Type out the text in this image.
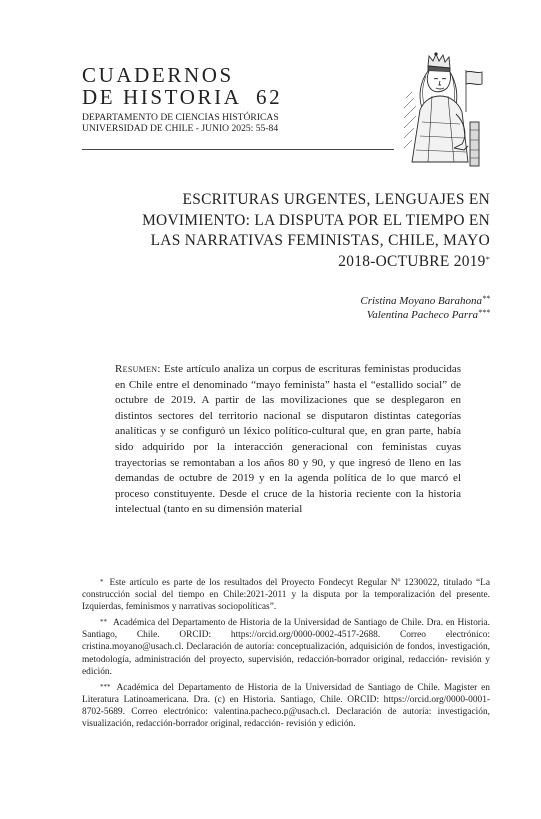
CUADERNOS
DE HISTORIA  62
DEPARTAMENTO DE CIENCIAS HISTÓRICAS
UNIVERSIDAD DE CHILE - JUNIO 2025: 55-84
ESCRITURAS URGENTES, LENGUAJES EN
MOVIMIENTO: LA DISPUTA POR EL TIEMPO EN
LAS NARRATIVAS FEMINISTAS, CHILE, MAYO
2018-OCTUBRE 2019*
Cristina Moyano Barahona**
Valentina Pacheco Parra***

Resumen: Este artículo analiza un corpus de escrituras feministas producidas en Chile entre el denominado “mayo feminista” hasta el “estallido social” de octubre de 2019. A partir de las movilizaciones que se desplegaron en distintos sectores del territorio nacional se disputaron distintas categorías analíticas y se configuró un léxico político-cultural que, en gran parte, había sido adquirido por la interacción generacional con feministas cuyas trayectorias se remontaban a los años 80 y 90, y que ingresó de lleno en las demandas de octubre de 2019 y en la agenda política de lo que marcó el proceso constituyente. Desde el cruce de la historia reciente con la historia intelectual (tanto en su dimensión material

* Este artículo es parte de los resultados del Proyecto Fondecyt Regular Nº 1230022, titulado “La construcción social del tiempo en Chile:2021-2011 y la disputa por la temporalización del presente. Izquierdas, feminismos y narrativas sociopolíticas”.

** Académica del Departamento de Historia de la Universidad de Santiago de Chile. Dra. en Historia. Santiago, Chile. ORCID: https://orcid.org/0000-0002-4517-2688. Correo electrónico: cristina.moyano@usach.cl. Declaración de autoría: conceptualización, adquisición de fondos, investigación, metodología, administración del proyecto, supervisión, redacción-borrador original, redacción- revisión y edición.

*** Académica del Departamento de Historia de la Universidad de Santiago de Chile. Magister en Literatura Latinoamericana. Dra. (c) en Historia. Santiago, Chile. ORCID: https://orcid.org/0000-0001-8702-5689. Correo electrónico: valentina.pacheco.p@usach.cl. Declaración de autoría: investigación, visualización, redacción-borrador original, redacción- revisión y edición.
